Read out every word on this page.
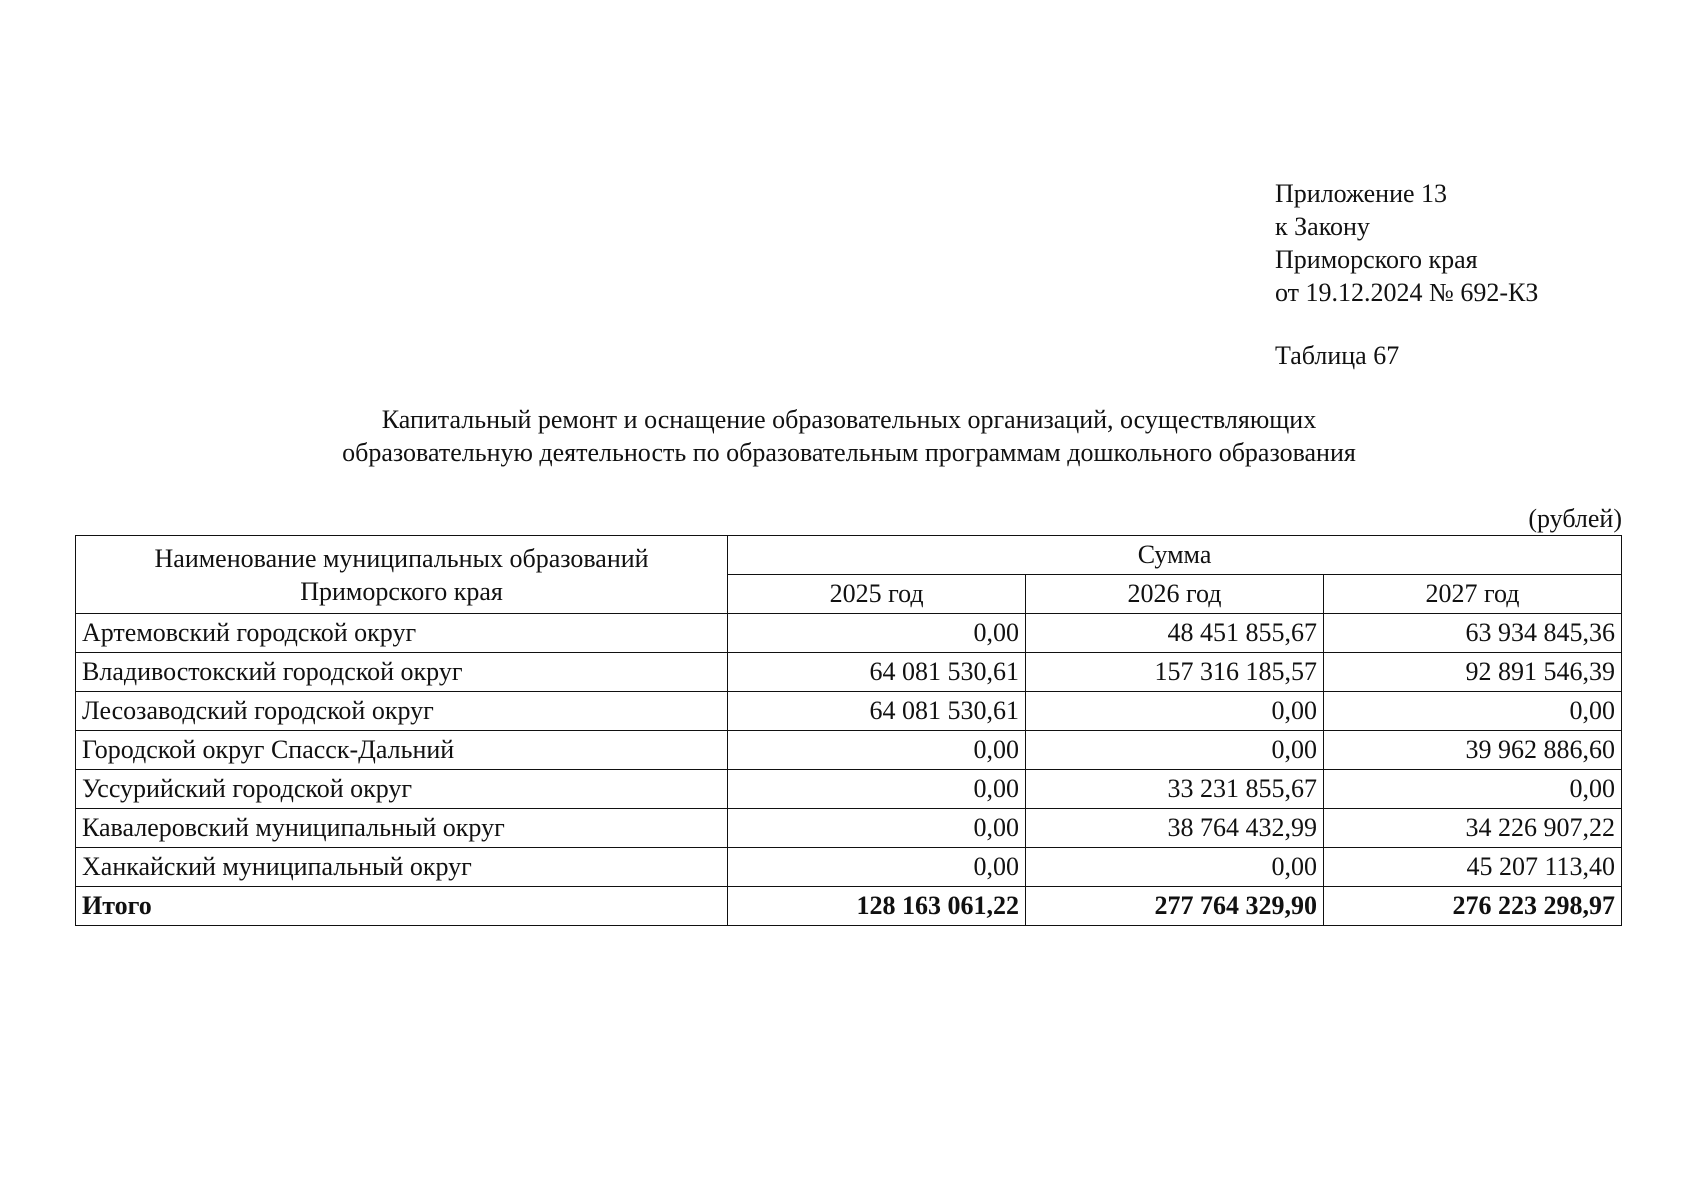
Приложение 13
к Закону
Приморского края
от 19.12.2024 № 692-КЗ
Таблица 67
Капитальный ремонт и оснащение образовательных организаций, осуществляющих
образовательную деятельность по образовательным программам дошкольного образования
(рублей)
Наименование муниципальных образований
Приморского края	Сумма		
	2025 год	2026 год	2027 год
Артемовский городской округ	0,00	48 451 855,67	63 934 845,36
Владивостокский городской округ	64 081 530,61	157 316 185,57	92 891 546,39
Лесозаводский городской округ	64 081 530,61	0,00	0,00
Городской округ Спасск-Дальний	0,00	0,00	39 962 886,60
Уссурийский городской округ	0,00	33 231 855,67	0,00
Кавалеровский муниципальный округ	0,00	38 764 432,99	34 226 907,22
Ханкайский муниципальный округ	0,00	0,00	45 207 113,40
Итого	128 163 061,22	277 764 329,90	276 223 298,97
